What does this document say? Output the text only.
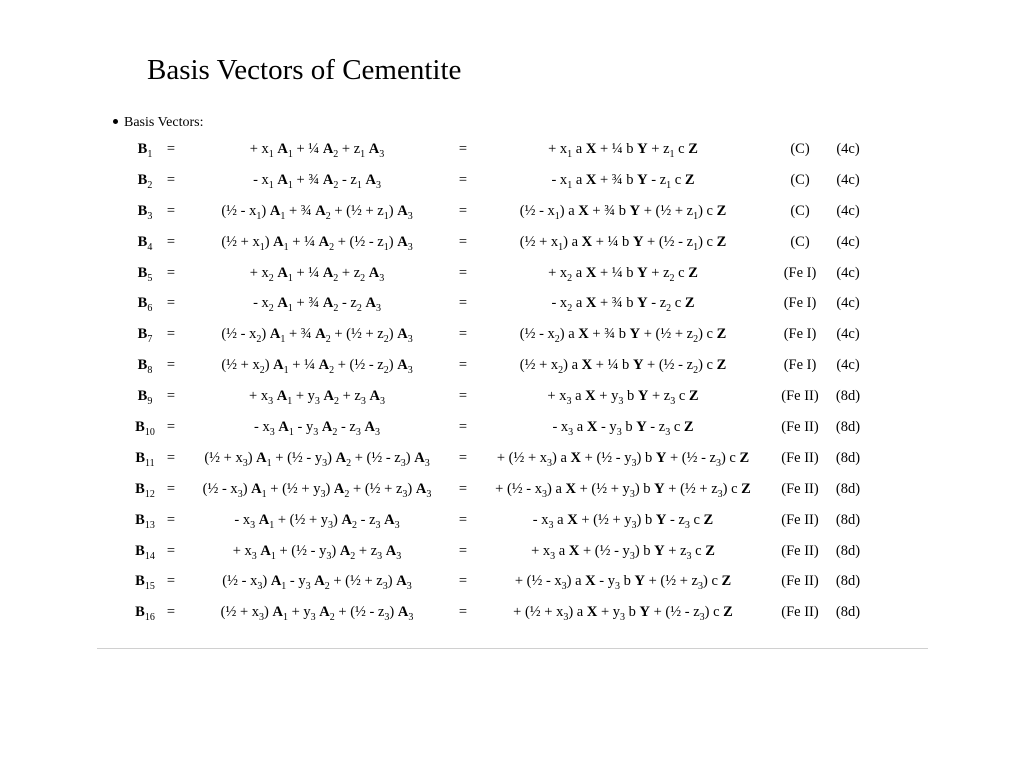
Basis Vectors of Cementite
Basis Vectors:
$B_1$	=	+ $x_1$ $A_1$ + ¼ $A_2 + z_1$ $A_3$	=	+ $x_1$ a X + ¼ b $Y + z_1$ c Z	(C)	(4c)
$B_2$	=	- $x_1$ $A_1$ + ¾ $A_2 - z_1$ $A_3$	=	- $x_1$ a X + ¾ b Y - $z_1$ c Z	(C)	(4c)
$B_3$	=	(½ - $x_1$) $A_1$ + ¾ $A_2$ + (½ + $z_1$) $A_3$	=	(½ - $x_1$) a X + ¾ b Y + (½ + $z_1$) c Z	(C)	(4c)
$B_4$	=	(½ + $x_1$) $A_1$ + ¼ $A_2$ + (½ - $z_1$) $A_3$	=	(½ + $x_1$) a X + ¼ b Y + (½ - $z_1$) c Z	(C)	(4c)
$B_5$	=	+ $x_2$ $A_1$ + ¼ $A_2 + z_2$ $A_3$	=	+ $x_2$ a X + ¼ b $Y + z_2$ c Z	(Fe I)	(4c)
$B_6$	=	- $x_2$ $A_1$ + ¾ $A_2 - z_2$ $A_3$	=	- $x_2$ a X + ¾ b Y - $z_2$ c Z	(Fe I)	(4c)
$B_7$	=	(½ - $x_2$) $A_1$ + ¾ $A_2$ + (½ + $z_2$) $A_3$	=	(½ - $x_2$) a X + ¾ b Y + (½ + $z_2$) c Z	(Fe I)	(4c)
$B_8$	=	(½ + $x_2$) $A_1$ + ¼ $A_2$ + (½ - $z_2$) $A_3$	=	(½ + $x_2$) a X + ¼ b Y + (½ - $z_2$) c Z	(Fe I)	(4c)
$B_9$	=	+ $x_3$ $A_1 + y_3$ $A_2 + z_3$ $A_3$	=	+ $x_3$ a $X + y_3$ b $Y + z_3$ c Z	(Fe II)	(8d)
$B_{10}$ =	- $x_3$ $A_1 - y_3$ $A_2 - z_3$ $A_3$	=	- $x_3$ a X - $y_3$ b Y - $z_3$ c Z	(Fe II)	(8d)
$B_{11}$ =	(½ + $x_3$) $A_1$ + (½ - $y_3$) $A_2$ + (½ - $z_3$) $A_3$	=	+ (½ + $x_3$) a X + (½ - $y_3$) b Y + (½ - $z_3$) c Z	(Fe II)	(8d)
$B_{12}$ =	(½ - $x_3$) $A_1$ + (½ + $y_3$) $A_2$ + (½ + $z_3$) $A_3$	=	+ (½ - $x_3$) a X + (½ + $y_3$) b Y + (½ + $z_3$) c Z	(Fe II)	(8d)
$B_{13}$ =	- $x_3$ $A_1$ + (½ + $y_3$) $A_2 - z_3$ $A_3$	=	- $x_3$ a X + (½ + $y_3$) b Y - $z_3$ c Z	(Fe II)	(8d)
$B_{14}$ =	+ $x_3$ $A_1$ + (½ - $y_3$) $A_2 + z_3$ $A_3$	=	+ $x_3$ a X + (½ - $y_3$) b $Y + z_3$ c Z	(Fe II)	(8d)
$B_{15}$ =	(½ - $x_3$) $A_1 - y_3$ $A_2$ + (½ + $z_3$) $A_3$	=	+ (½ - $x_3$) a X - $y_3$ b Y + (½ + $z_3$) c Z	(Fe II)	(8d)
$B_{16}$ =	(½ + $x_3$) $A_1 + y_3$ $A_2$ + (½ - $z_3$) $A_3$	=	+ (½ + $x_3$) a $X + y_3$ b Y + (½ - $z_3$) c Z	(Fe II)	(8d)
